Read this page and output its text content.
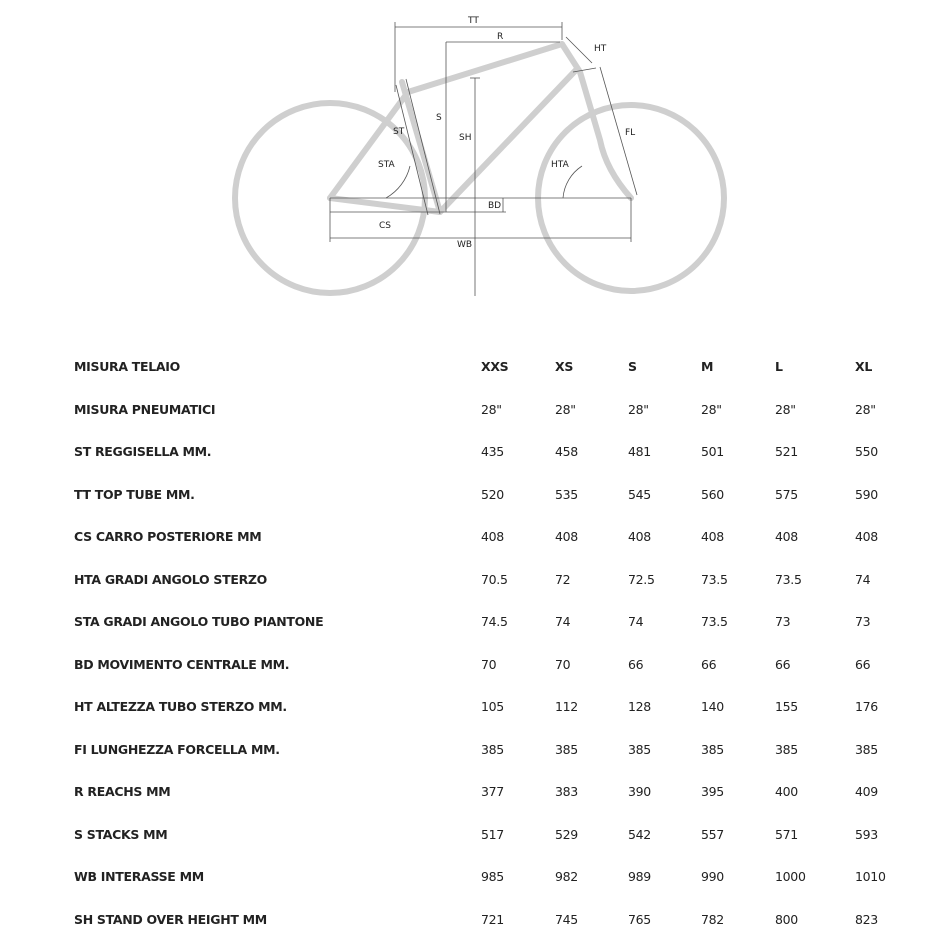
TT
R
HT
ST
S
SH
STA	HTA
FL
BD
CS
WB
MISURA TELAIO	XXS	XS	S	M	L	XL
MISURA PNEUMATICI	28"	28"	28"	28"	28"	28"
ST REGGISELLA MM.	435	458	481	501	521	550
TT TOP TUBE MM.	520	535	545	560	575	590
CS CARRO POSTERIORE MM	408	408	408	408	408	408
HTA GRADI ANGOLO STERZO	70.5	72	72.5	73.5	73.5	74
STA GRADI ANGOLO TUBO PIANTONE	74.5	74	74	73.5	73	73
BD MOVIMENTO CENTRALE MM.	70	70	66	66	66	66
HT ALTEZZA TUBO STERZO MM.	105	112	128	140	155	176
FI LUNGHEZZA FORCELLA MM.	385	385	385	385	385	385
R REACHS MM	377	383	390	395	400	409
S STACKS MM	517	529	542	557	571	593
WB INTERASSE MM	985	982	989	990	1000	1010
SH STAND OVER HEIGHT MM	721	745	765	782	800	823
